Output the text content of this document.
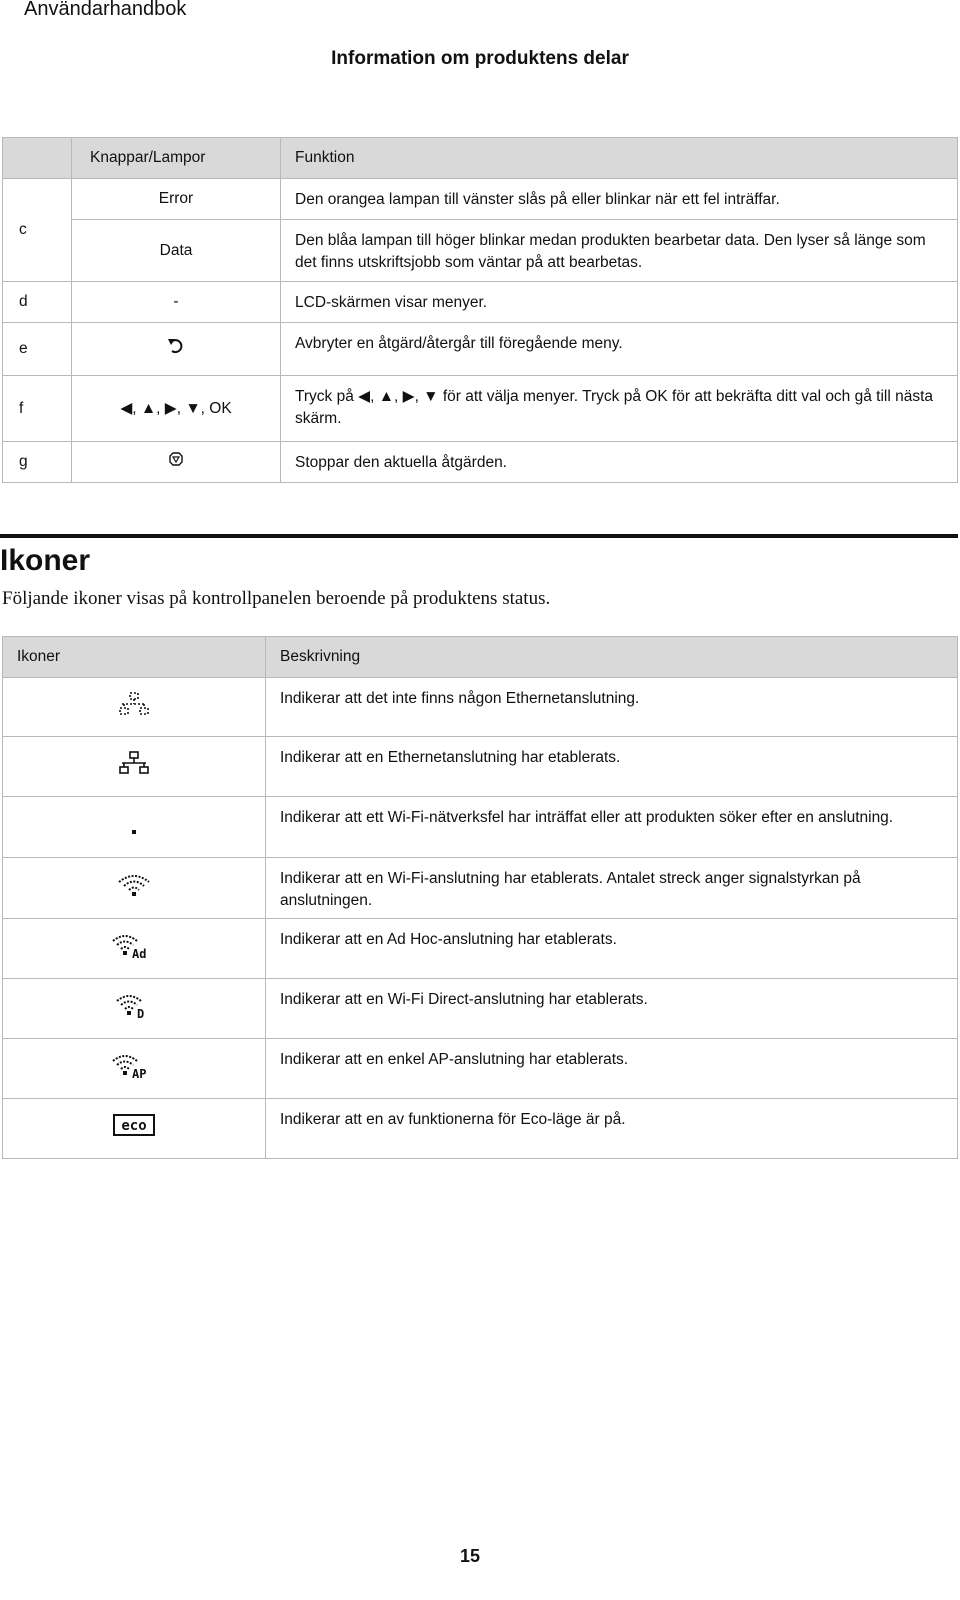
Användarhandbok
Information om produktens delar
	Knappar/Lampor	Funktion
c	Error	Den orangea lampan till vänster slås på eller blinkar när ett fel inträffar.
	Data	Den blåa lampan till höger blinkar medan produkten bearbetar data. Den lyser så länge som det finns utskriftsjobb som väntar på att bearbetas.
d	-	LCD-skärmen visar menyer.
e		Avbryter en åtgärd/återgår till föregående meny.
f	◀, ▲, ▶, ▼, OK	Tryck på ◀, ▲, ▶, ▼ för att välja menyer. Tryck på OK för att bekräfta ditt val och gå till nästa skärm.
g		Stoppar den aktuella åtgärden.
Ikoner
Följande ikoner visas på kontrollpanelen beroende på produktens status.
Ikoner	Beskrivning
	Indikerar att det inte finns någon Ethernetanslutning.
	Indikerar att en Ethernetanslutning har etablerats.
	Indikerar att ett Wi-Fi-nätverksfel har inträffat eller att produkten söker efter en anslutning.
	Indikerar att en Wi-Fi-anslutning har etablerats. Antalet streck anger signalstyrkan på anslutningen.

Ad	Indikerar att en Ad Hoc-anslutning har etablerats.

D	Indikerar att en Wi-Fi Direct-anslutning har etablerats.

AP	Indikerar att en enkel AP-anslutning har etablerats.

eco	Indikerar att en av funktionerna för Eco-läge är på.
15
